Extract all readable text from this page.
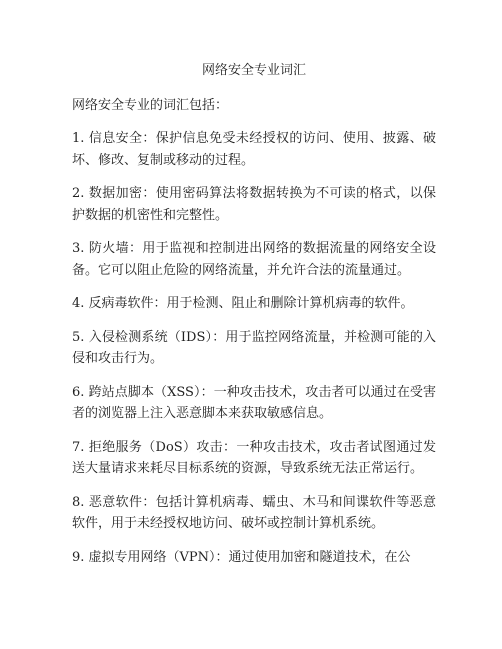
网络安全专业词汇
网络安全专业的词汇包括：

1. 信息安全：保护信息免受未经授权的访问、使用、披露、破坏、修改、复制或移动的过程。

2. 数据加密：使用密码算法将数据转换为不可读的格式，以保护数据的机密性和完整性。

3. 防火墙：用于监视和控制进出网络的数据流量的网络安全设备。它可以阻止危险的网络流量，并允许合法的流量通过。

4. 反病毒软件：用于检测、阻止和删除计算机病毒的软件。

5. 入侵检测系统（IDS）：用于监控网络流量，并检测可能的入侵和攻击行为。

6. 跨站点脚本（XSS）：一种攻击技术，攻击者可以通过在受害者的浏览器上注入恶意脚本来获取敏感信息。

7. 拒绝服务（DoS）攻击：一种攻击技术，攻击者试图通过发送大量请求来耗尽目标系统的资源，导致系统无法正常运行。

8. 恶意软件：包括计算机病毒、蠕虫、木马和间谍软件等恶意软件，用于未经授权地访问、破坏或控制计算机系统。

9. 虚拟专用网络（VPN）：通过使用加密和隧道技术，在公
